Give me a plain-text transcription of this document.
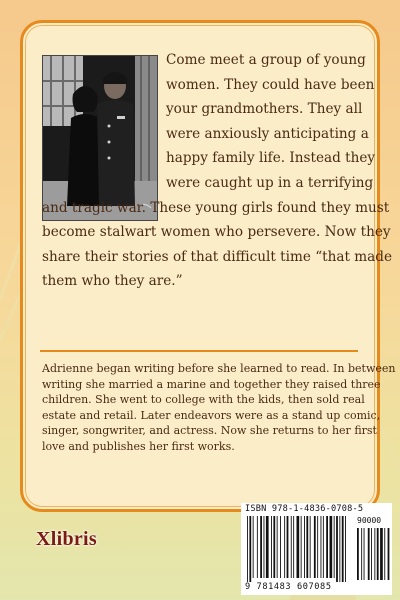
Come meet a group of young
women. They could have been
your grandmothers. They all
were anxiously anticipating a
happy family life. Instead they
were caught up in a terrifying
and tragic war. These young girls found they must
become stalwart women who persevere. Now they
share their stories of that difficult time “that made
them who they are.”

Adrienne began writing before she learned to read. In between
writing she married a marine and together they raised three
children. She went to college with the kids, then sold real
estate and retail. Later endeavors were as a stand up comic,
singer, songwriter, and actress. Now she returns to her first
love and publishes her first works.

Xlibris
ISBN 978-1-4836-0708-5
90000
9 781483 607085
